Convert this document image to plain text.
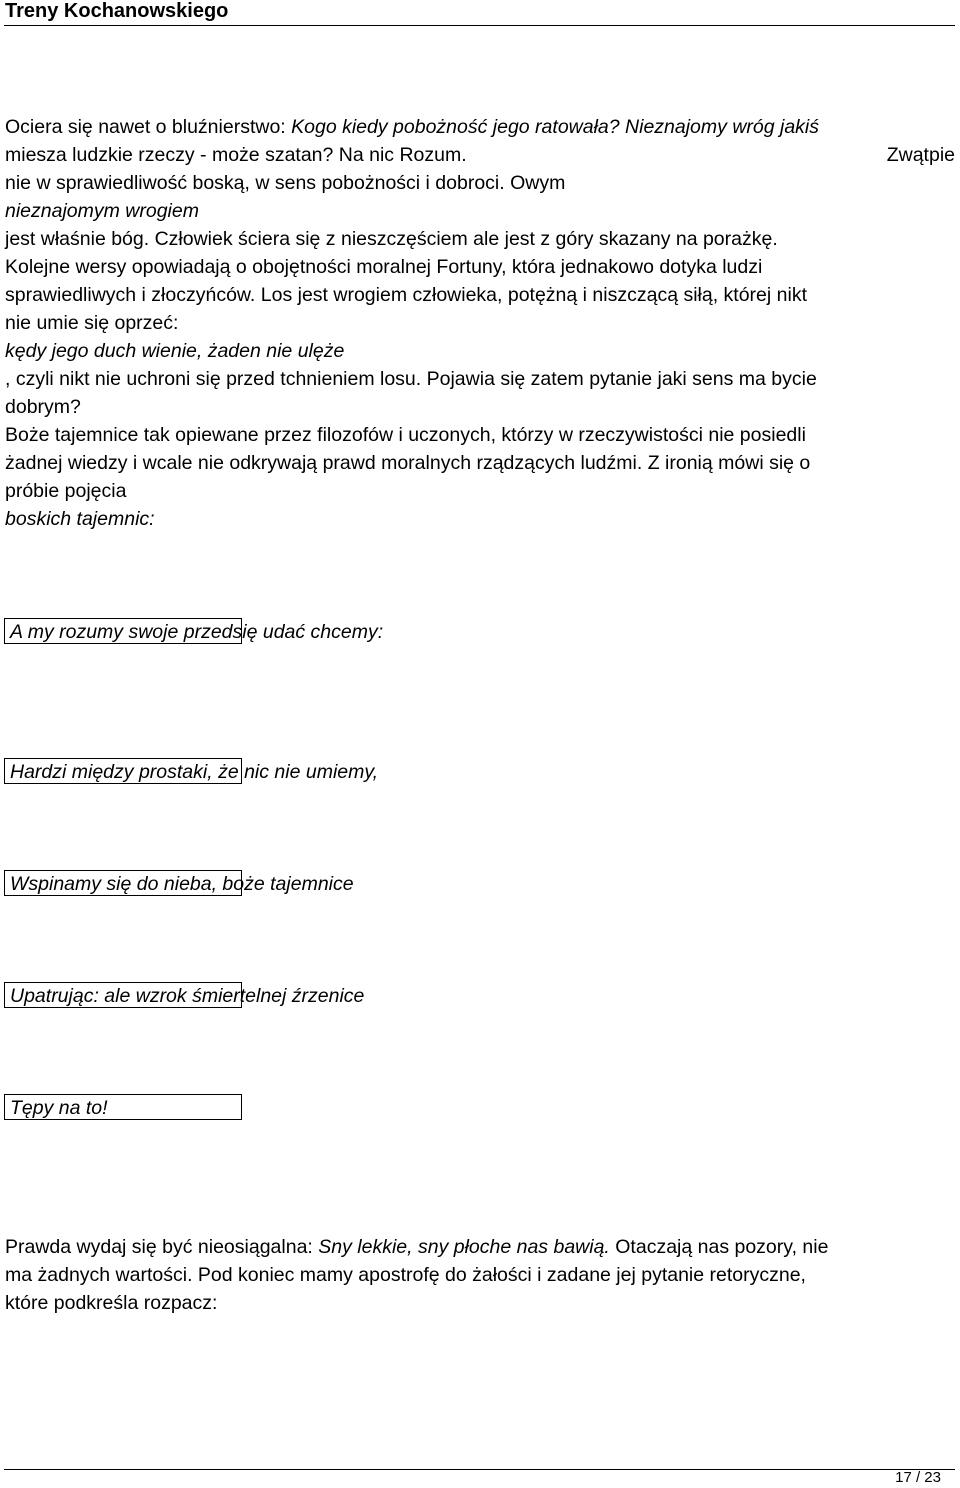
Treny Kochanowskiego
Ociera się nawet o bluźnierstwo: Kogo kiedy pobożność jego ratowała? Nieznajomy wróg jakiś
miesza ludzkie rzeczy - może szatan? Na nic Rozum.	Zwątpie
nie w sprawiedliwość boską, w sens pobożności i dobroci. Owym
nieznajomym wrogiem
jest właśnie bóg. Człowiek ściera się z nieszczęściem ale jest z góry skazany na porażkę.
Kolejne wersy opowiadają o obojętności moralnej Fortuny, która jednakowo dotyka ludzi
sprawiedliwych i złoczyńców. Los jest wrogiem człowieka, potężną i niszczącą siłą, której nikt
nie umie się oprzeć:
kędy jego duch wienie, żaden nie ulęże
, czyli nikt nie uchroni się przed tchnieniem losu. Pojawia się zatem pytanie jaki sens ma bycie
dobrym?
Boże tajemnice tak opiewane przez filozofów i uczonych, którzy w rzeczywistości nie posiedli
żadnej wiedzy i wcale nie odkrywają prawd moralnych rządzących ludźmi. Z ironią mówi się o
próbie pojęcia
boskich tajemnic:
A my rozumy swoje przedsię udać chcemy:
Hardzi między prostaki, że nic nie umiemy,
Wspinamy się do nieba, boże tajemnice
Upatrując: ale wzrok śmiertelnej źrzenice
Tępy na to!
Prawda wydaj się być nieosiągalna: Sny lekkie, sny płoche nas bawią. Otaczają nas pozory, nie
ma żadnych wartości. Pod koniec mamy apostrofę do żałości i zadane jej pytanie retoryczne,
które podkreśla rozpacz:
17 / 23
